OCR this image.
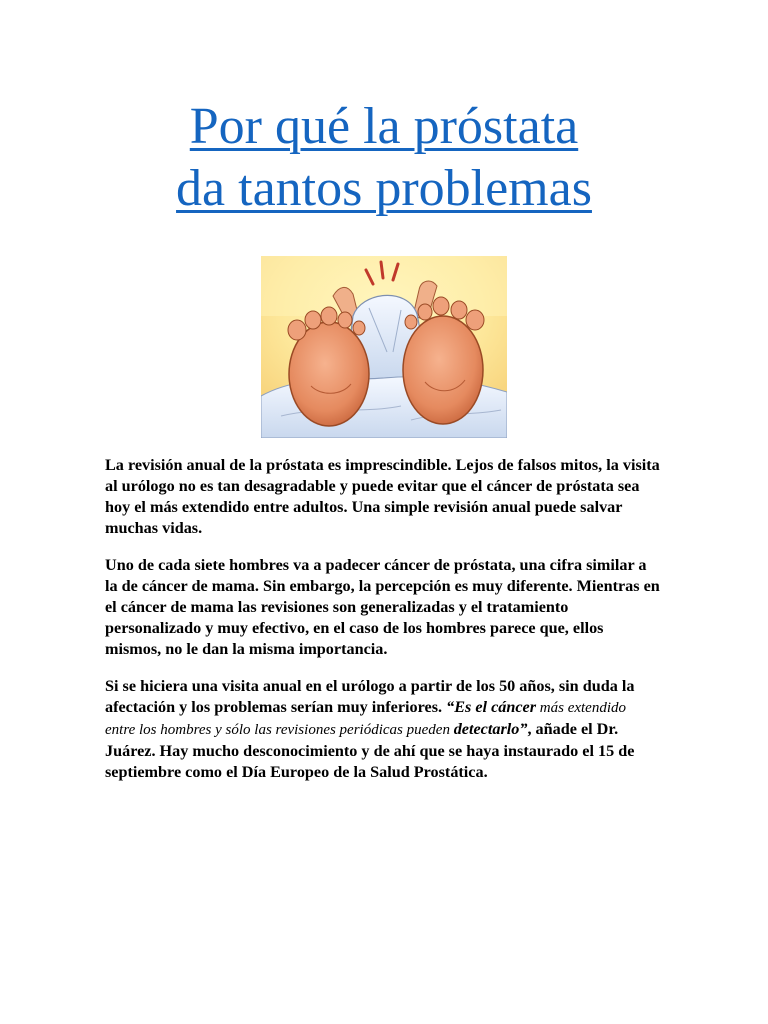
Por qué la próstata
da tantos problemas

La revisión anual de la próstata es imprescindible. Lejos de falsos mitos, la visita al urólogo no es tan desagradable y puede evitar que el cáncer de próstata sea hoy el más extendido entre adultos. Una simple revisión anual puede salvar muchas vidas.

Uno de cada siete hombres va a padecer cáncer de próstata, una cifra similar a la de cáncer de mama. Sin embargo, la percepción es muy diferente. Mientras en el cáncer de mama las revisiones son generalizadas y el tratamiento personalizado y muy efectivo, en el caso de los hombres parece que, ellos mismos, no le dan la misma importancia.

Si se hiciera una visita anual en el urólogo a partir de los 50 años, sin duda la afectación y los problemas serían muy inferiores. “Es el cáncer más extendido entre los hombres y sólo las revisiones periódicas pueden detectarlo”, añade el Dr. Juárez. Hay mucho desconocimiento y de ahí que se haya instaurado el 15 de septiembre como el Día Europeo de la Salud Prostática.
